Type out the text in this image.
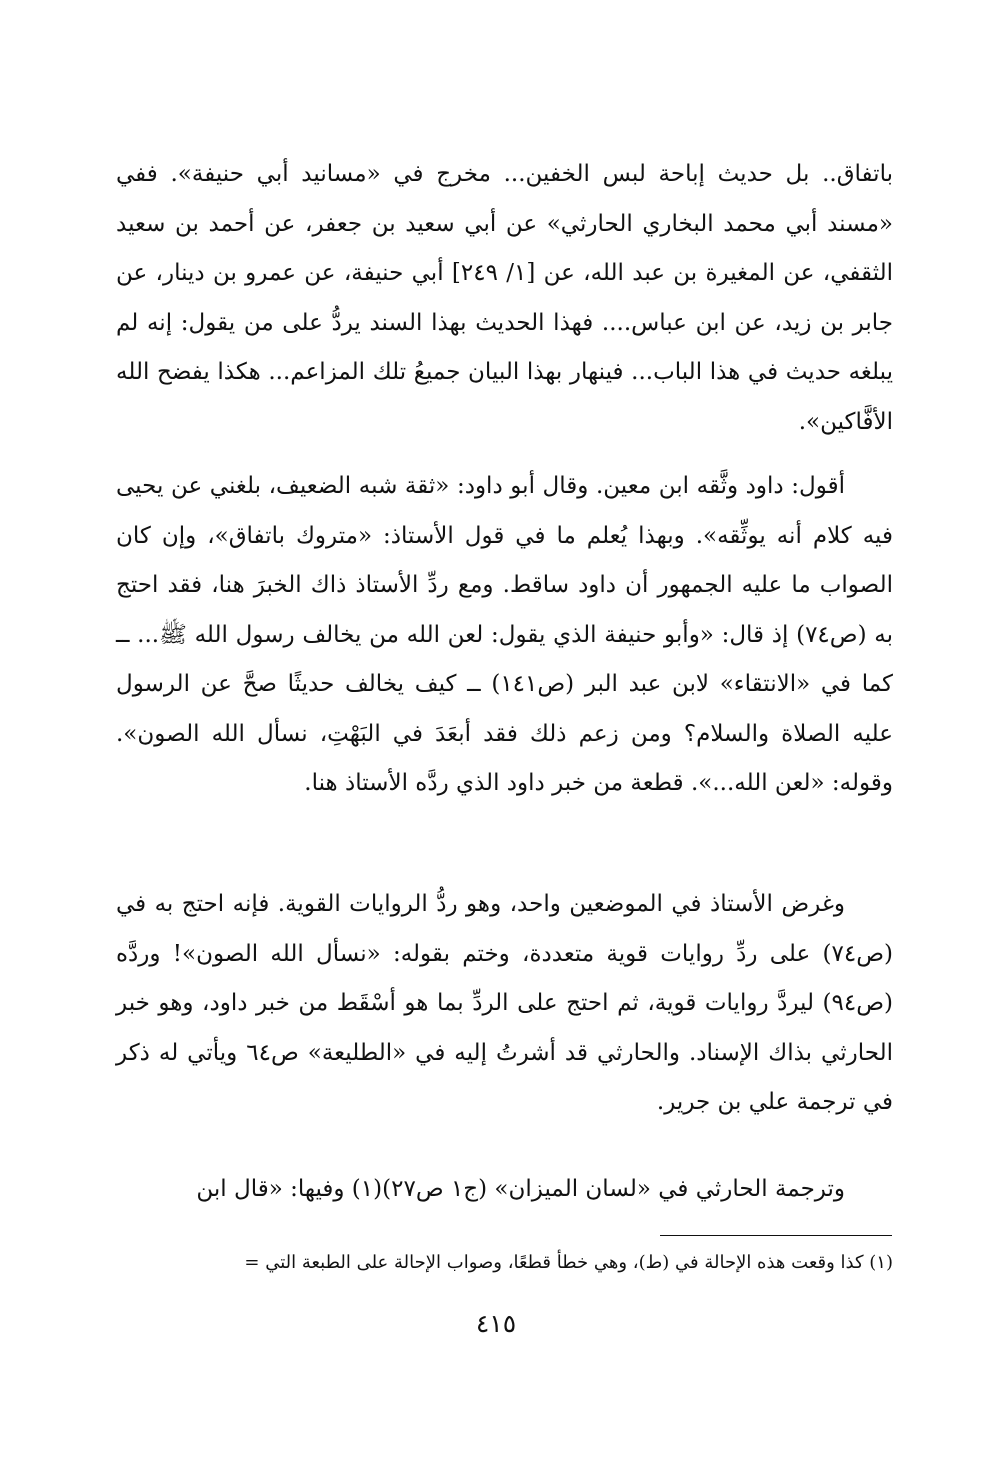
باتفاق.. بل حديث إباحة لبس الخفين... مخرج في «مسانيد أبي حنيفة». ففي «مسند أبي محمد البخاري الحارثي» عن أبي سعيد بن جعفر، عن أحمد بن سعيد الثقفي، عن المغيرة بن عبد الله، عن [١/ ٢٤٩] أبي حنيفة، عن عمرو بن دينار، عن جابر بن زيد، عن ابن عباس.... فهذا الحديث بهذا السند يردُّ على من يقول: إنه لم يبلغه حديث في هذا الباب... فينهار بهذا البيان جميعُ تلك المزاعم... هكذا يفضح الله الأفَّاكين».

أقول: داود وثَّقه ابن معين. وقال أبو داود: «ثقة شبه الضعيف، بلغني عن يحيى فيه كلام أنه يوثِّقه». وبهذا يُعلم ما في قول الأستاذ: «متروك باتفاق»، وإن كان الصواب ما عليه الجمهور أن داود ساقط. ومع ردِّ الأستاذ ذاك الخبرَ هنا، فقد احتج به (ص٧٤) إذ قال: «وأبو حنيفة الذي يقول: لعن الله من يخالف رسول الله ﷺ... ــ كما في «الانتقاء» لابن عبد البر (ص١٤١) ــ كيف يخالف حديثًا صحَّ عن الرسول عليه الصلاة والسلام؟ ومن زعم ذلك فقد أبعَدَ في البَهْتِ، نسأل الله الصون». وقوله: «لعن الله...». قطعة من خبر داود الذي ردَّه الأستاذ هنا.

وغرض الأستاذ في الموضعين واحد، وهو ردُّ الروايات القوية. فإنه احتج به في (ص٧٤) على ردِّ روايات قوية متعددة، وختم بقوله: «نسأل الله الصون»! وردَّه (ص٩٤) ليردَّ روايات قوية، ثم احتج على الردِّ بما هو أسْقَط من خبر داود، وهو خبر الحارثي بذاك الإسناد. والحارثي قد أشرتُ إليه في «الطليعة» ص٦٤ ويأتي له ذكر في ترجمة علي بن جرير.

وترجمة الحارثي في «لسان الميزان» (ج١ ص٢٧)(١) وفيها: «قال ابن

(١) كذا وقعت هذه الإحالة في (ط)، وهي خطأ قطعًا، وصواب الإحالة على الطبعة التي =
٤١٥
